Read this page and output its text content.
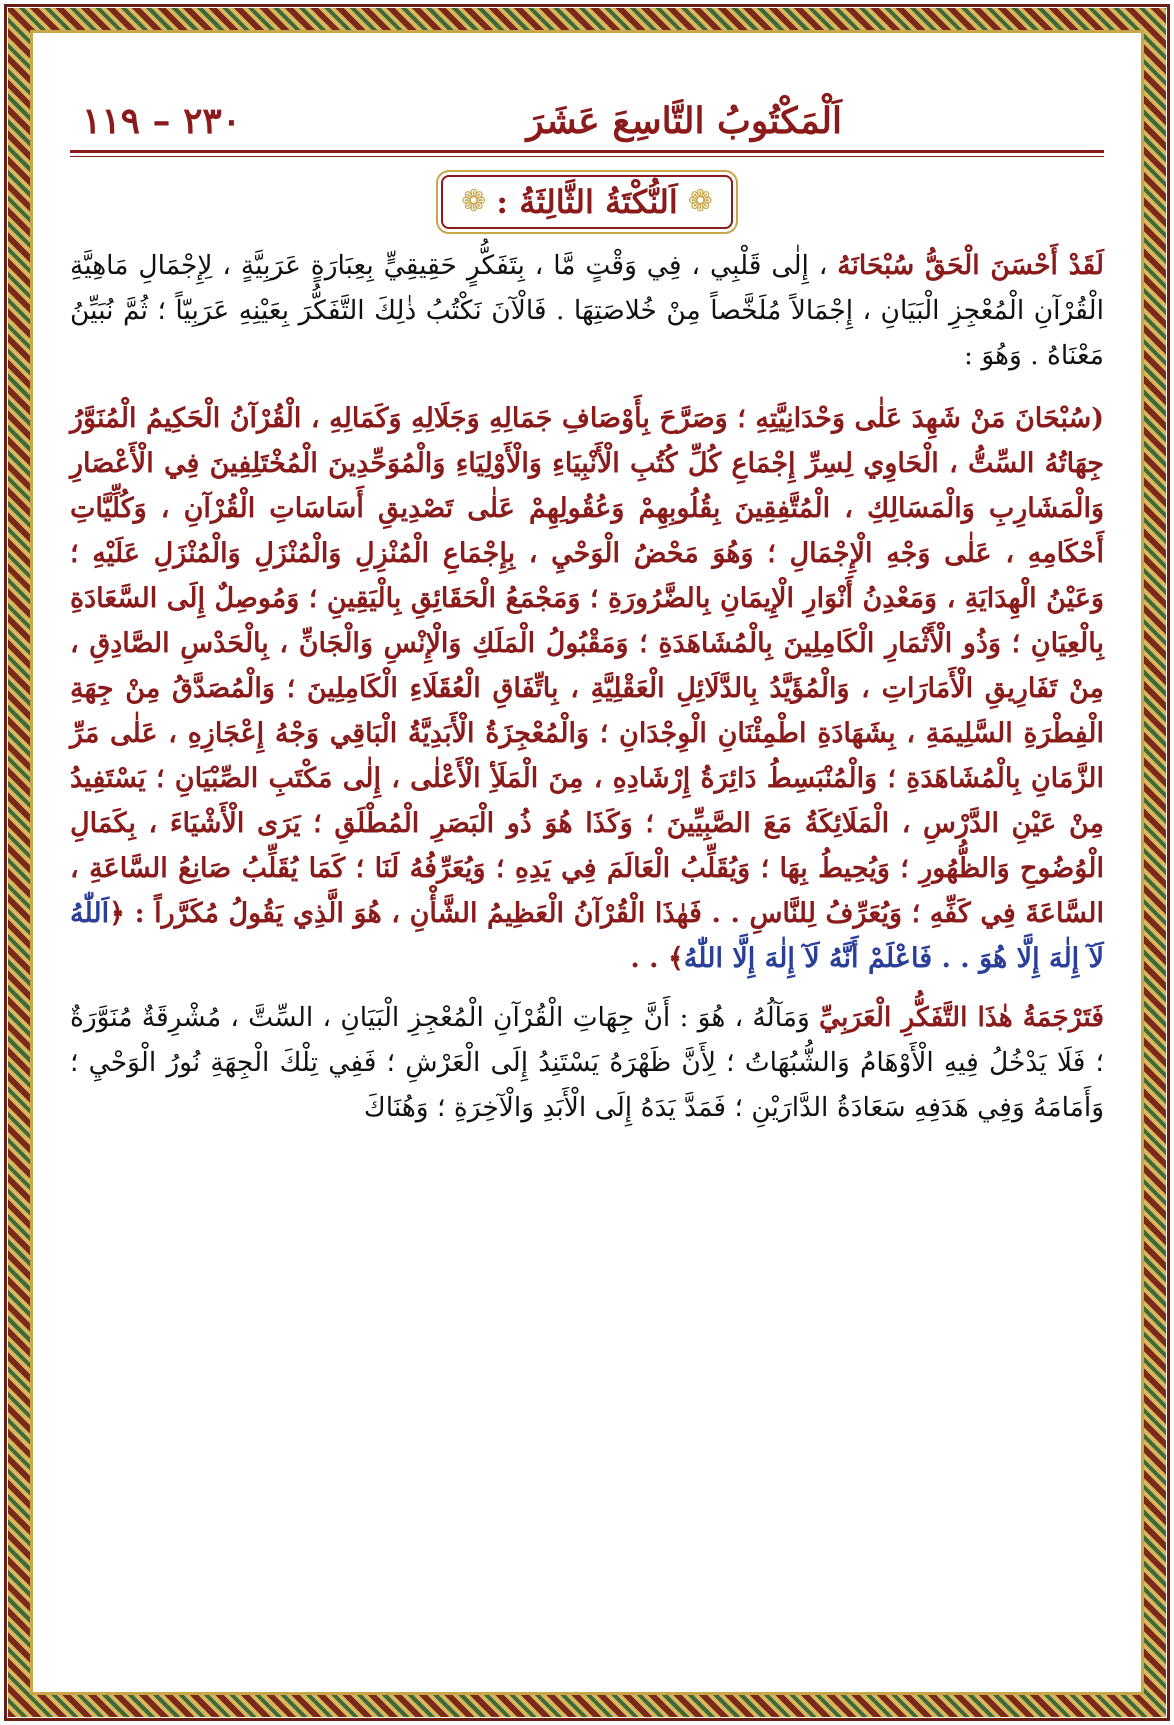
اَلْمَكْتُوبُ التَّاسِعَ عَشَرَ
٢٣٠ – ١١٩
❁
اَلنُّكْتَةُ الثَّالِثَةُ :
❁

لَقَدْ أَحْسَنَ الْحَقُّ سُبْحَانَهُ ، إِلٰى قَلْبِي ، فِي وَقْتٍ مَّا ، بِتَفَكُّرٍ حَقِيقِيٍّ بِعِبَارَةٍ عَرَبِيَّةٍ ، لِإِجْمَالِ مَاهِيَّةِ الْقُرْآنِ الْمُعْجِزِ الْبَيَانِ ، إِجْمَالاً مُلَخَّصاً مِنْ خُلاصَتِهَا . فَالْآنَ نَكْتُبُ ذٰلِكَ التَّفَكُّرَ بِعَيْنِهِ عَرَبِيّاً ؛ ثُمَّ نُبَيِّنُ مَعْنَاهُ . وَهُوَ :

(سُبْحَانَ مَنْ شَهِدَ عَلٰى وَحْدَانِيَّتِهِ ؛ وَصَرَّحَ بِأَوْصَافِ جَمَالِهِ وَجَلَالِهِ وَكَمَالِهِ ، الْقُرْآنُ الْحَكِيمُ الْمُنَوَّرُ جِهَاتُهُ السِّتُّ ، الْحَاوِي لِسِرِّ إِجْمَاعِ كُلِّ كُتُبِ الْأَنْبِيَاءِ وَالْأَوْلِيَاءِ وَالْمُوَحِّدِينَ الْمُخْتَلِفِينَ فِي الْأَعْصَارِ وَالْمَشَارِبِ وَالْمَسَالِكِ ، الْمُتَّفِقِينَ بِقُلُوبِهِمْ وَعُقُولِهِمْ عَلٰى تَصْدِيقِ أَسَاسَاتِ الْقُرْآنِ ، وَكُلِّيَّاتِ أَحْكَامِهِ ، عَلٰى وَجْهِ الْإِجْمَالِ ؛ وَهُوَ مَحْضُ الْوَحْيِ ، بِإِجْمَاعِ الْمُنْزِلِ وَالْمُنْزَلِ وَالْمُنْزَلِ عَلَيْهِ ؛ وَعَيْنُ الْهِدَايَةِ ، وَمَعْدِنُ أَنْوَارِ الْإِيمَانِ بِالضَّرُورَةِ ؛ وَمَجْمَعُ الْحَقَائِقِ بِالْيَقِينِ ؛ وَمُوصِلٌ إِلَى السَّعَادَةِ بِالْعِيَانِ ؛ وَذُو الْأَثْمَارِ الْكَامِلِينَ بِالْمُشَاهَدَةِ ؛ وَمَقْبُولُ الْمَلَكِ وَالْإِنْسِ وَالْجَانِّ ، بِالْحَدْسِ الصَّادِقِ ، مِنْ تَفَارِيقِ الْأَمَارَاتِ ، وَالْمُؤَيَّدُ بِالدَّلَائِلِ الْعَقْلِيَّةِ ، بِاتِّفَاقِ الْعُقَلَاءِ الْكَامِلِينَ ؛ وَالْمُصَدَّقُ مِنْ جِهَةِ الْفِطْرَةِ السَّلِيمَةِ ، بِشَهَادَةِ اطْمِئْنَانِ الْوِجْدَانِ ؛ وَالْمُعْجِزَةُ الْأَبَدِيَّةُ الْبَاقِي وَجْهُ إِعْجَازِهِ ، عَلٰى مَرِّ الزَّمَانِ بِالْمُشَاهَدَةِ ؛ وَالْمُنْبَسِطُ دَائِرَةُ إِرْشَادِهِ ، مِنَ الْمَلَأِ الْأَعْلٰى ، إِلٰى مَكْتَبِ الصِّبْيَانِ ؛ يَسْتَفِيدُ مِنْ عَيْنِ الدَّرْسِ ، الْمَلَائِكَةُ مَعَ الصَّبِيِّينَ ؛ وَكَذَا هُوَ ذُو الْبَصَرِ الْمُطْلَقِ ؛ يَرَى الْأَشْيَاءَ ، بِكَمَالِ الْوُضُوحِ وَالظُّهُورِ ؛ وَيُحِيطُ بِهَا ؛ وَيُقَلِّبُ الْعَالَمَ فِي يَدِهِ ؛ وَيُعَرِّفُهُ لَنَا ؛ كَمَا يُقَلِّبُ صَانِعُ السَّاعَةِ ، السَّاعَةَ فِي كَفِّهِ ؛ وَيُعَرِّفُ لِلنَّاسِ . . فَهٰذَا الْقُرْآنُ الْعَظِيمُ الشَّأْنِ ، هُوَ الَّذِي يَقُولُ مُكَرَّراً : ﴿اَللّٰهُ لَآ إِلٰهَ إِلَّا هُوَ . . فَاعْلَمْ أَنَّهُ لَآ إِلٰهَ إِلَّا اللّٰهُ﴾ . .

فَتَرْجَمَةُ هٰذَا التَّفَكُّرِ الْعَرَبِيِّ وَمَآلُهُ ، هُوَ : أَنَّ جِهَاتِ الْقُرْآنِ الْمُعْجِزِ الْبَيَانِ ، السِّتَّ ، مُشْرِقَةٌ مُنَوَّرَةٌ ؛ فَلَا يَدْخُلُ فِيهِ الْأَوْهَامُ وَالشُّبُهَاتُ ؛ لِأَنَّ ظَهْرَهُ يَسْتَنِدُ إِلَى الْعَرْشِ ؛ فَفِي تِلْكَ الْجِهَةِ نُورُ الْوَحْيِ ؛ وَأَمَامَهُ وَفِي هَدَفِهِ سَعَادَةُ الدَّارَيْنِ ؛ فَمَدَّ يَدَهُ إِلَى الْأَبَدِ وَالْآخِرَةِ ؛ وَهُنَاكَ
